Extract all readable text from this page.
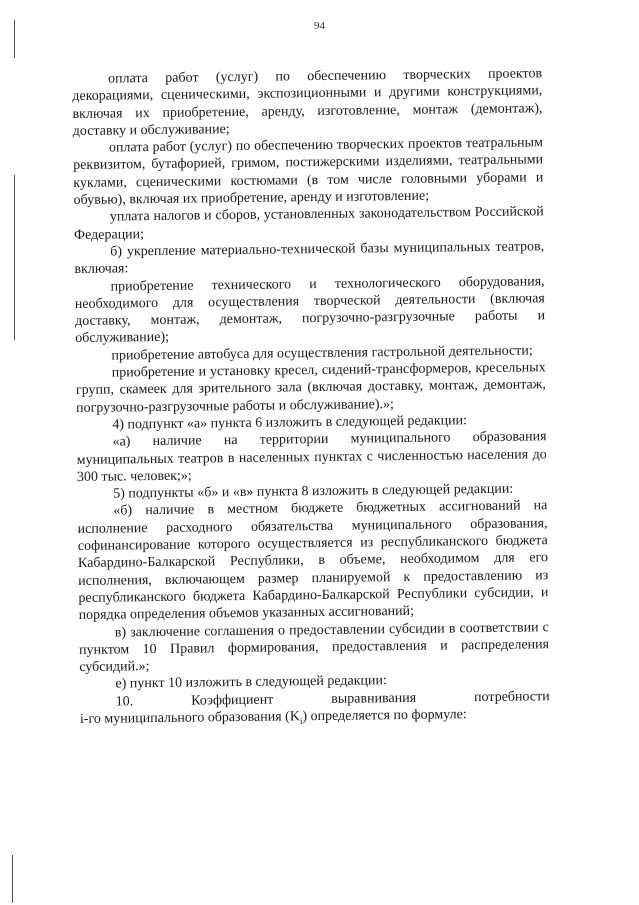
94

оплата работ (услуг) по обеспечению творческих проектов декорациями, сценическими, экспозиционными и другими конструкциями, включая их приобретение, аренду, изготовление, монтаж (демонтаж), доставку и обслуживание;

оплата работ (услуг) по обеспечению творческих проектов театральным реквизитом, бутафорией, гримом, постижерскими изделиями, театральными куклами, сценическими костюмами (в том числе головными уборами и обувью), включая их приобретение, аренду и изготовление;

уплата налогов и сборов, установленных законодательством Российской Федерации;

б) укрепление материально-технической базы муниципальных театров, включая:

приобретение технического и технологического оборудования, необходимого для осуществления творческой деятельности (включая доставку, монтаж, демонтаж, погрузочно-разгрузочные работы и обслуживание);

приобретение автобуса для осуществления гастрольной деятельности;

приобретение и установку кресел, сидений-трансформеров, кресельных групп, скамеек для зрительного зала (включая доставку, монтаж, демонтаж, погрузочно-разгрузочные работы и обслуживание).»;

4) подпункт «а» пункта 6 изложить в следующей редакции:

«а) наличие на территории муниципального образования муниципальных театров в населенных пунктах с численностью населения до 300 тыс. человек;»;

5) подпункты «б» и «в» пункта 8 изложить в следующей редакции:

«б) наличие в местном бюджете бюджетных ассигнований на исполнение расходного обязательства муниципального образования, софинансирование которого осуществляется из республиканского бюджета Кабардино-Балкарской Республики, в объеме, необходимом для его исполнения, включающем размер планируемой к предоставлению из республиканского бюджета Кабардино-Балкарской Республики субсидии, и порядка определения объемов указанных ассигнований;

в) заключение соглашения о предоставлении субсидии в соответствии с пунктом 10 Правил формирования, предоставления и распределения субсидий.»;

е) пункт 10 изложить в следующей редакции:

10. Коэффициент выравнивания потребности

i-го муниципального образования $(K_i)$ определяется по формуле:
